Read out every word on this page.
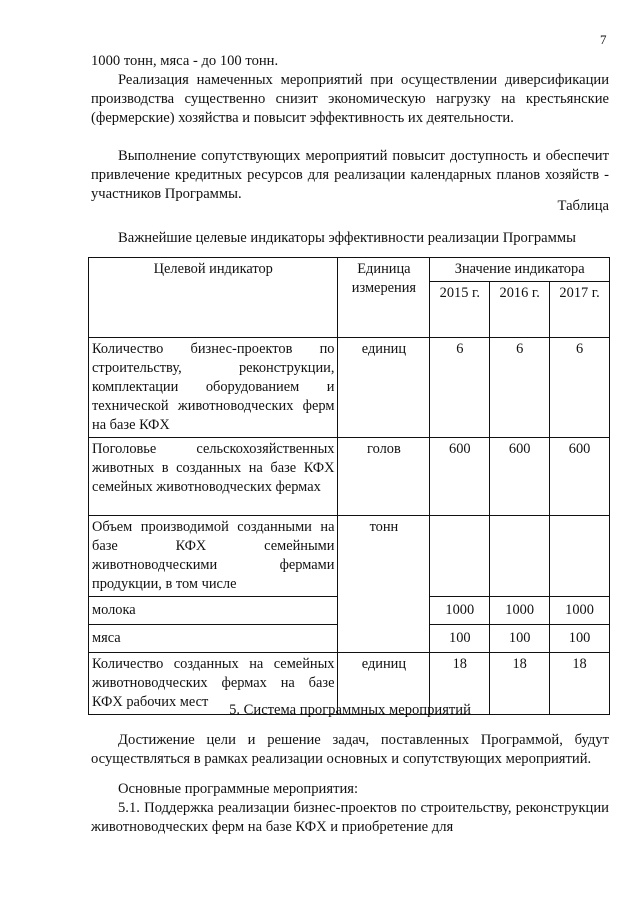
7
1000 тонн, мяса - до 100 тонн.
Реализация намеченных мероприятий при осуществлении диверсификации производства существенно снизит экономическую нагрузку на крестьянские (фермерские) хозяйства и повысит эффективность их деятельности.
Выполнение сопутствующих мероприятий повысит доступность и обеспечит привлечение кредитных ресурсов для реализации календарных планов хозяйств - участников Программы.
Таблица
Важнейшие целевые индикаторы эффективности реализации Программы
Целевой индикатор	Единица измерения	Значение индикатора		
		2015 г.	2016 г.	2017 г.
Количество бизнес-проектов по строительству, реконструкции, комплектации оборудованием и технической животноводческих ферм на базе КФХ	единиц	6	6	6
Поголовье сельскохозяйственных животных в созданных на базе КФХ семейных животноводческих фермах	голов	600	600	600
Объем производимой созданными на базе КФХ семейными животноводческими фермами продукции, в том числе	тонн			
молока		1000	1000	1000
мяса		100	100	100
Количество созданных на семейных животноводческих фермах на базе КФХ рабочих мест	единиц	18	18	18
5. Система программных мероприятий
Достижение цели и решение задач, поставленных Программой, будут осуществляться в рамках реализации основных и сопутствующих мероприятий.
Основные программные мероприятия:
5.1. Поддержка реализации бизнес-проектов по строительству, реконструкции животноводческих ферм на базе КФХ и приобретение для
